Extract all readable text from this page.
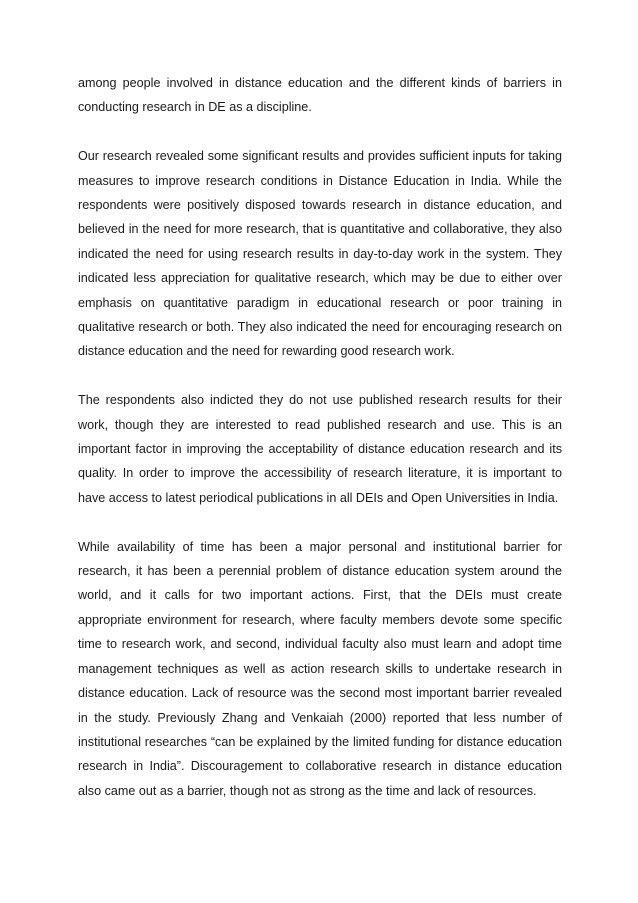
among people involved in distance education and the different kinds of barriers in conducting research in DE as a discipline.

Our research revealed some significant results and provides sufficient inputs for taking measures to improve research conditions in Distance Education in India. While the respondents were positively disposed towards research in distance education, and believed in the need for more research, that is quantitative and collaborative, they also indicated the need for using research results in day-to-day work in the system. They indicated less appreciation for qualitative research, which may be due to either over emphasis on quantitative paradigm in educational research or poor training in qualitative research or both. They also indicated the need for encouraging research on distance education and the need for rewarding good research work.

The respondents also indicted they do not use published research results for their work, though they are interested to read published research and use. This is an important factor in improving the acceptability of distance education research and its quality. In order to improve the accessibility of research literature, it is important to have access to latest periodical publications in all DEIs and Open Universities in India.

While availability of time has been a major personal and institutional barrier for research, it has been a perennial problem of distance education system around the world, and it calls for two important actions. First, that the DEIs must create appropriate environment for research, where faculty members devote some specific time to research work, and second, individual faculty also must learn and adopt time management techniques as well as action research skills to undertake research in distance education. Lack of resource was the second most important barrier revealed in the study. Previously Zhang and Venkaiah (2000) reported that less number of institutional researches “can be explained by the limited funding for distance education research in India”. Discouragement to collaborative research in distance education also came out as a barrier, though not as strong as the time and lack of resources.
